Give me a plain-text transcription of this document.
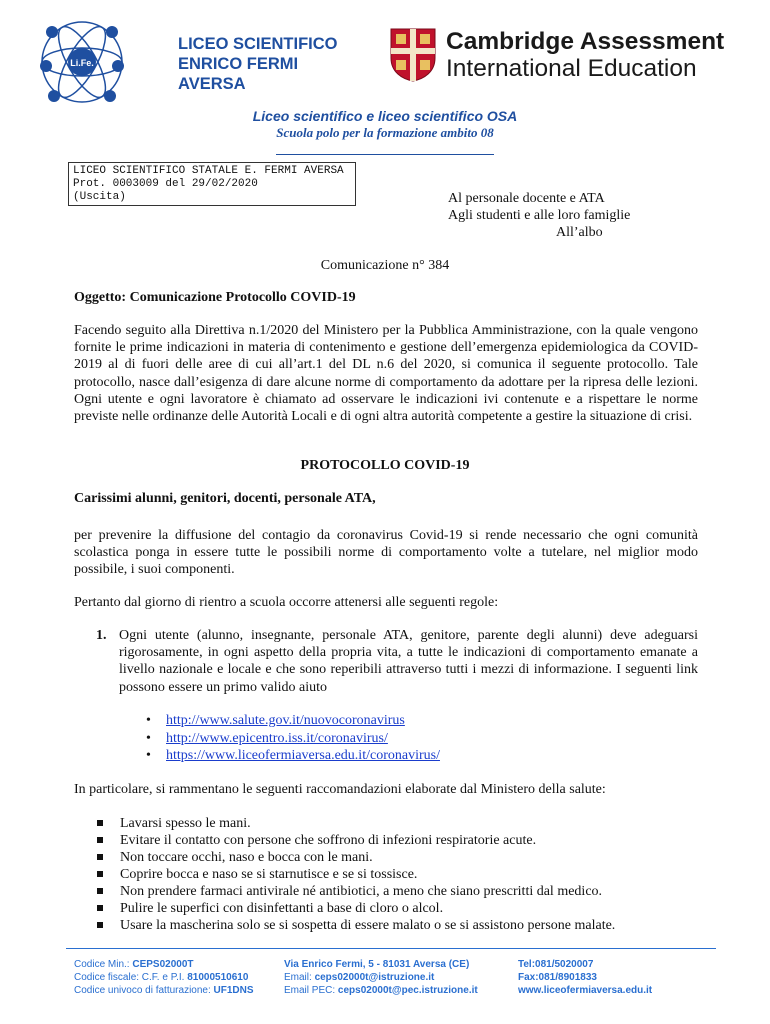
Li.Fe.
LICEO SCIENTIFICO
ENRICO FERMI
AVERSA
Cambridge Assessment
International Education
Liceo scientifico e liceo scientifico OSA
Scuola polo per la formazione ambito 08
LICEO SCIENTIFICO STATALE E. FERMI AVERSA
Prot. 0003009 del 29/02/2020
(Uscita)	Al personale docente e ATA
Agli studenti e alle loro famiglie
All’albo
Comunicazione n° 384
Oggetto: Comunicazione Protocollo COVID-19
Facendo seguito alla Direttiva n.1/2020 del Ministero per la Pubblica Amministrazione, con la quale vengono fornite le prime indicazioni in materia di contenimento e gestione dell’emergenza epidemiologica da COVID-2019 al di fuori delle aree di cui all’art.1 del DL n.6 del 2020, si comunica il seguente protocollo. Tale protocollo, nasce dall’esigenza di dare alcune norme di comportamento da adottare per la ripresa delle lezioni. Ogni utente e ogni lavoratore è chiamato ad osservare le indicazioni ivi contenute e a rispettare le norme previste nelle ordinanze delle Autorità Locali e di ogni altra autorità competente a gestire la situazione di crisi.
PROTOCOLLO COVID-19
Carissimi alunni, genitori, docenti, personale ATA,
per prevenire la diffusione del contagio da coronavirus Covid-19 si rende necessario che ogni comunità scolastica ponga in essere tutte le possibili norme di comportamento volte a tutelare, nel miglior modo possibile, i suoi componenti.
Pertanto dal giorno di rientro a scuola occorre attenersi alle seguenti regole:
1. Ogni utente (alunno, insegnante, personale ATA, genitore, parente degli alunni) deve adeguarsi rigorosamente, in ogni aspetto della propria vita, a tutte le indicazioni di comportamento emanate a livello nazionale e locale e che sono reperibili attraverso tutti i mezzi di informazione. I seguenti link possono essere un primo valido aiuto
• http://www.salute.gov.it/nuovocoronavirus
• http://www.epicentro.iss.it/coronavirus/
• https://www.liceofermiaversa.edu.it/coronavirus/
In particolare, si rammentano le seguenti raccomandazioni elaborate dal Ministero della salute:
Lavarsi spesso le mani.
Evitare il contatto con persone che soffrono di infezioni respiratorie acute.
Non toccare occhi, naso e bocca con le mani.
Coprire bocca e naso se si starnutisce e se si tossisce.
Non prendere farmaci antivirale né antibiotici, a meno che siano prescritti dal medico.
Pulire le superfici con disinfettanti a base di cloro o alcol.
Usare la mascherina solo se si sospetta di essere malato o se si assistono persone malate.
Codice Min.: CEPS02000T
Codice fiscale: C.F. e P.I. 81000510610
Codice univoco di fatturazione: UF1DNS
Via Enrico Fermi, 5 - 81031 Aversa (CE)
Email: ceps02000t@istruzione.it
Email PEC: ceps02000t@pec.istruzione.it
Tel:081/5020007
Fax:081/8901833
www.liceofermiaversa.edu.it
